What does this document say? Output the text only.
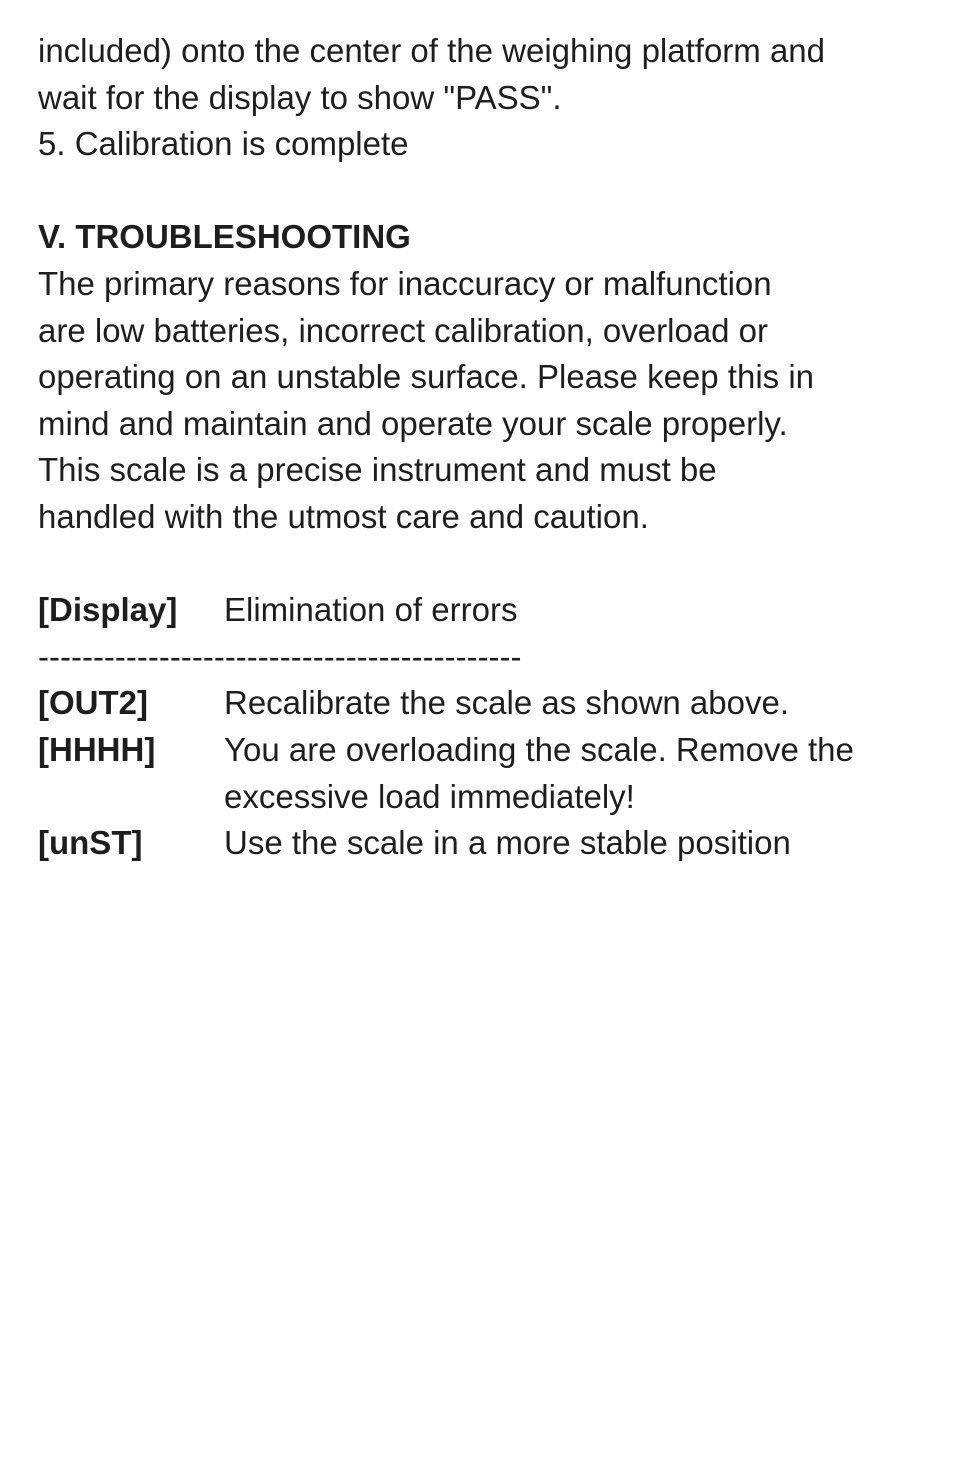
included) onto the center of the weighing platform and
wait for the display to show "PASS".
5. Calibration is complete
V. TROUBLESHOOTING
The primary reasons for inaccuracy or malfunction
are low batteries, incorrect calibration, overload or
operating on an unstable surface. Please keep this in
mind and maintain and operate your scale properly.
This scale is a precise instrument and must be
handled with the utmost care and caution.
[Display]	Elimination of errors
--------------------------------------------
[OUT2]	Recalibrate the scale as shown above.
[HHHH]	You are overloading the scale. Remove the
excessive load immediately!
[unST]	Use the scale in a more stable position
